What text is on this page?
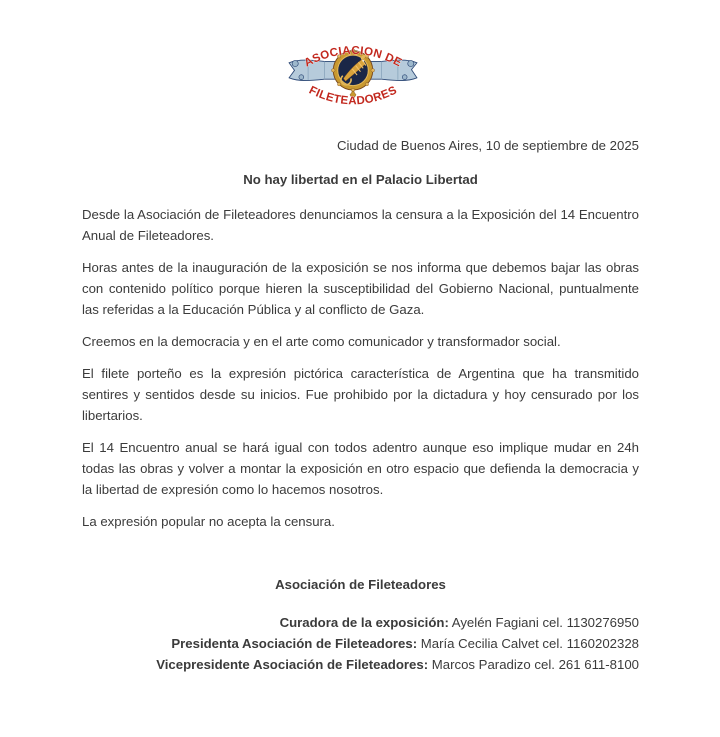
ASOCIACION DE
FILETEADORES
Ciudad de Buenos Aires, 10 de septiembre de 2025
No hay libertad en el Palacio Libertad

Desde la Asociación de Fileteadores denunciamos la censura a la Exposición del 14 Encuentro Anual de Fileteadores.

Horas antes de la inauguración de la exposición se nos informa que debemos bajar las obras con contenido político porque hieren la susceptibilidad del Gobierno Nacional, puntualmente las referidas a la Educación Pública y al conflicto de Gaza.

Creemos en la democracia y en el arte como comunicador y transformador social.

El filete porteño es la expresión pictórica característica de Argentina que ha transmitido sentires y sentidos desde su inicios. Fue prohibido por la dictadura y hoy censurado por los libertarios.

El 14 Encuentro anual se hará igual con todos adentro aunque eso implique mudar en 24h todas las obras y volver a montar la exposición en otro espacio que defienda la democracia y la libertad de expresión como lo hacemos nosotros.

La expresión popular no acepta la censura.

Asociación de Fileteadores
Curadora de la exposición: Ayelén Fagiani cel. 1130276950
Presidenta Asociación de Fileteadores: María Cecilia Calvet cel. 1160202328
Vicepresidente Asociación de Fileteadores: Marcos Paradizo cel. 261 611-8100
